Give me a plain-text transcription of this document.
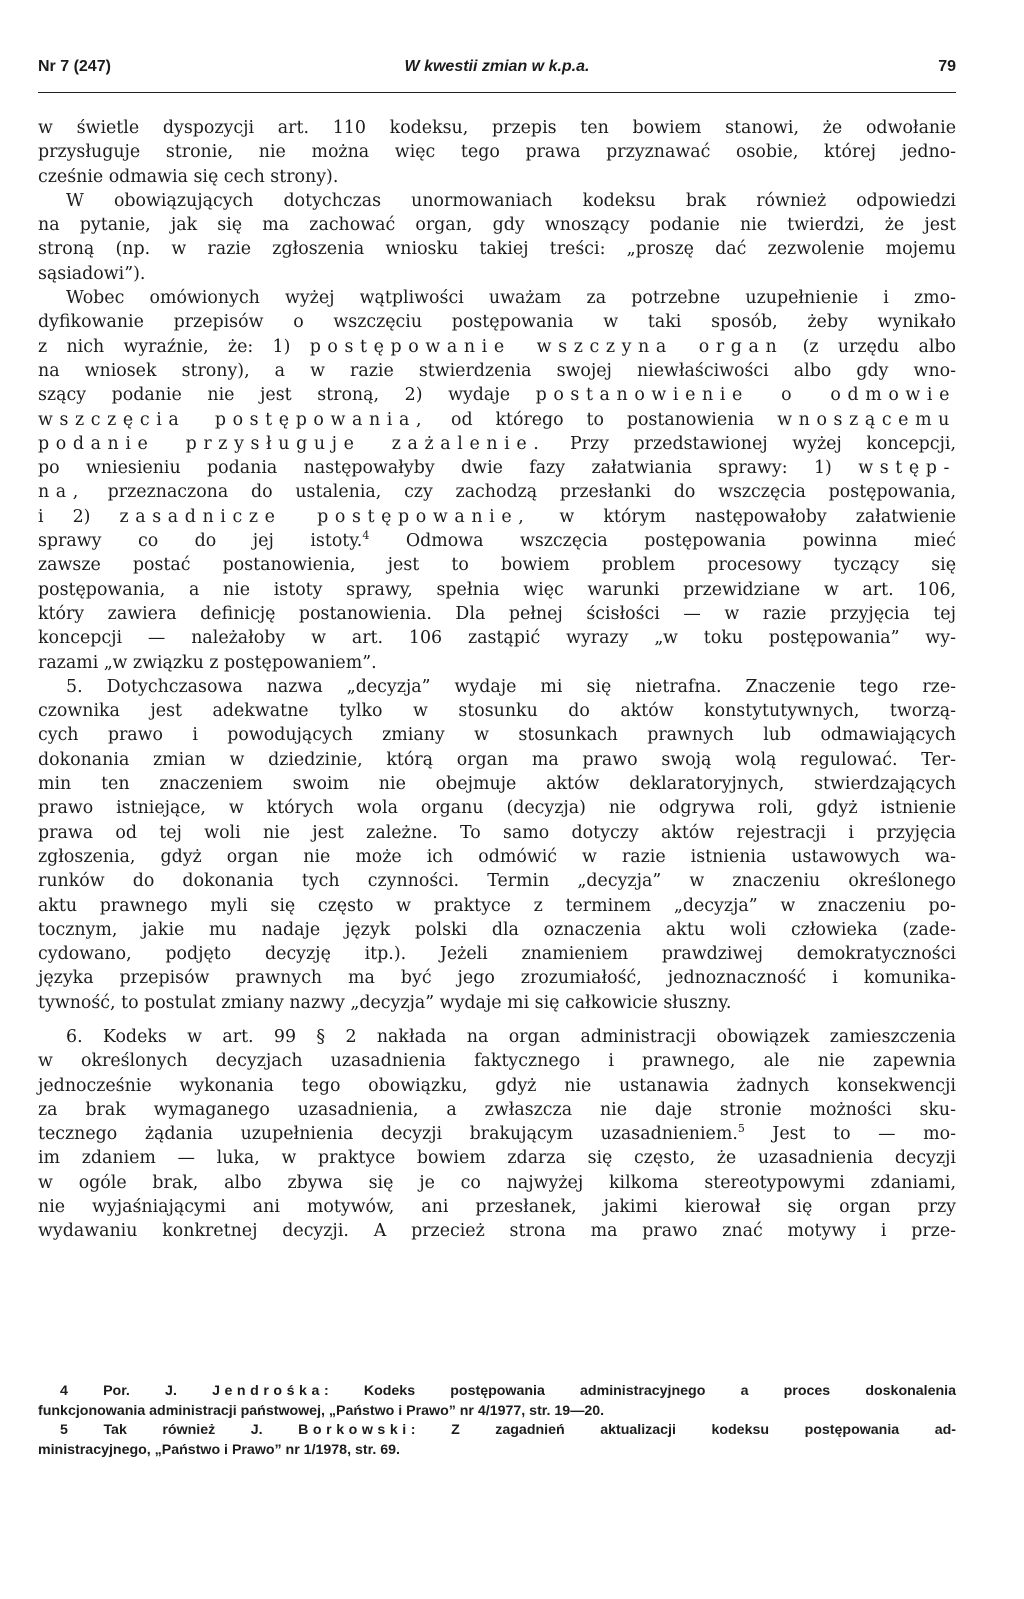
Nr 7 (247)	W kwestii zmian w k.p.a.	79
w świetle dyspozycji art. 110 kodeksu, przepis ten bowiem stanowi, że odwołanie
przysługuje stronie, nie można więc tego prawa przyznawać osobie, której jedno-
cześnie odmawia się cech strony).
W obowiązujących dotychczas unormowaniach kodeksu brak również odpowiedzi
na pytanie, jak się ma zachować organ, gdy wnoszący podanie nie twierdzi, że jest
stroną (np. w razie zgłoszenia wniosku takiej treści: „proszę dać zezwolenie mojemu
sąsiadowi”).
Wobec omówionych wyżej wątpliwości uważam za potrzebne uzupełnienie i zmo-
dyfikowanie przepisów o wszczęciu postępowania w taki sposób, żeby wynikało
z nich wyraźnie, że: 1) postępowanie wszczyna organ (z urzędu albo
na wniosek strony), a w razie stwierdzenia swojej niewłaściwości albo gdy wno-
szący podanie nie jest stroną, 2) wydaje postanowienie o odmowie
wszczęcia postępowania, od którego to postanowienia wnoszącemu
podanie przysługuje zażalenie. Przy przedstawionej wyżej koncepcji,
po wniesieniu podania następowałyby dwie fazy załatwiania sprawy: 1) wstęp-
na, przeznaczona do ustalenia, czy zachodzą przesłanki do wszczęcia postępowania,
i 2) zasadnicze postępowanie, w którym następowałoby załatwienie
sprawy co do jej istoty.$^4$ Odmowa wszczęcia postępowania powinna mieć
zawsze postać postanowienia, jest to bowiem problem procesowy tyczący się
postępowania, a nie istoty sprawy, spełnia więc warunki przewidziane w art. 106,
który zawiera definicję postanowienia. Dla pełnej ścisłości — w razie przyjęcia tej
koncepcji — należałoby w art. 106 zastąpić wyrazy „w toku postępowania” wy-
razami „w związku z postępowaniem”.
5. Dotychczasowa nazwa „decyzja” wydaje mi się nietrafna. Znaczenie tego rze-
czownika jest adekwatne tylko w stosunku do aktów konstytutywnych, tworzą-
cych prawo i powodujących zmiany w stosunkach prawnych lub odmawiających
dokonania zmian w dziedzinie, którą organ ma prawo swoją wolą regulować. Ter-
min ten znaczeniem swoim nie obejmuje aktów deklaratoryjnych, stwierdzających
prawo istniejące, w których wola organu (decyzja) nie odgrywa roli, gdyż istnienie
prawa od tej woli nie jest zależne. To samo dotyczy aktów rejestracji i przyjęcia
zgłoszenia, gdyż organ nie może ich odmówić w razie istnienia ustawowych wa-
runków do dokonania tych czynności. Termin „decyzja” w znaczeniu określonego
aktu prawnego myli się często w praktyce z terminem „decyzja” w znaczeniu po-
tocznym, jakie mu nadaje język polski dla oznaczenia aktu woli człowieka (zade-
cydowano, podjęto decyzję itp.). Jeżeli znamieniem prawdziwej demokratyczności
języka przepisów prawnych ma być jego zrozumiałość, jednoznaczność i komunika-
tywność, to postulat zmiany nazwy „decyzja” wydaje mi się całkowicie słuszny.
6. Kodeks w art. 99 § 2 nakłada na organ administracji obowiązek zamieszczenia
w określonych decyzjach uzasadnienia faktycznego i prawnego, ale nie zapewnia
jednocześnie wykonania tego obowiązku, gdyż nie ustanawia żadnych konsekwencji
za brak wymaganego uzasadnienia, a zwłaszcza nie daje stronie możności sku-
tecznego żądania uzupełnienia decyzji brakującym uzasadnieniem.$^5$ Jest to — mo-
im zdaniem — luka, w praktyce bowiem zdarza się często, że uzasadnienia decyzji
w ogóle brak, albo zbywa się je co najwyżej kilkoma stereotypowymi zdaniami,
nie wyjaśniającymi ani motywów, ani przesłanek, jakimi kierował się organ przy
wydawaniu konkretnej decyzji. A przecież strona ma prawo znać motywy i prze-
4 Por. J. Jendrośka: Kodeks postępowania administracyjnego a proces doskonalenia
funkcjonowania administracji państwowej, „Państwo i Prawo” nr 4/1977, str. 19—20.
5 Tak również J. Borkowski: Z zagadnień aktualizacji kodeksu postępowania ad-
ministracyjnego, „Państwo i Prawo” nr 1/1978, str. 69.
